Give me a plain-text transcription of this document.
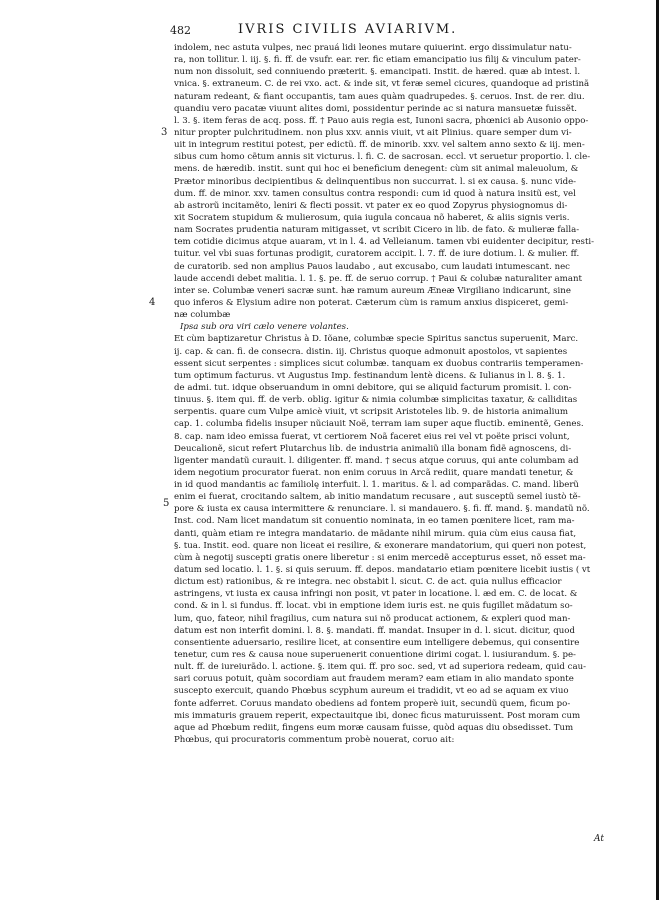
482	IVRIS CIVILIS AVIARIVM.
3
4
5
indolem, nec astuta vulpes, nec prauá lidi leones mutare quiuerint. ergo dissimulatur natu-
ra, non tollitur. l. iij. §. fi. ff. de vsufr. ear. rer. fic etiam emancipatio ius filij & vinculum pater-
num non dissoluit, sed conniuendo præterit. §. emancipati. Instit. de hæred. quæ ab intest. l.
vnica. §. extraneum. C. de rei vxo. act. & inde sit, vt feræ semel cicures, quandoque ad pristinã
naturam redeant, & fiant occupantis, tam aues quàm quadrupedes. §. ceruos. Inst. de rer. diu.
quandiu vero pacatæ viuunt alites domi, possidentur perinde ac si natura mansuetæ fuissẽt.
l. 3. §. item feras de acq. poss. ff. † Pauo auis regia est, Iunoni sacra, phœnici ab Ausonio oppo-
nitur propter pulchritudinem. non plus xxv. annis viuit, vt ait Plinius. quare semper dum vi-
uit in integrum restitui potest, per edictũ. ff. de minorib. xxv. vel saltem anno sexto & iij. men-
sibus cum homo cẽtum annis sit victurus. l. fi. C. de sacrosan. eccl. vt seruetur proportio. l. cle-
mens. de hæredib. instit. sunt qui hoc ei beneficium denegent: cùm sit animal maleuolum, &
Prætor minoribus decipientibus & delinquentibus non succurrat. l. si ex causa. §. nunc vide-
dum. ff. de minor. xxv. tamen consultus contra respondi: cum id quod à natura insitũ est, vel
ab astrorũ incitamẽto, leniri & flecti possit. vt pater ex eo quod Zopyrus physiognomus di-
xit Socratem stupidum & mulierosum, quia iugula concaua nõ haberet, & aliis signis veris.
nam Socrates prudentia naturam mitigasset, vt scribit Cicero in lib. de fato. & mulieræ falla-
tem cotidie dicimus atque auaram, vt in l. 4. ad Velleianum. tamen vbi euidenter decipitur, resti-
tuitur. vel vbi suas fortunas prodigit, curatorem accipit. l. 7. ff. de iure dotium. l. & mulier. ff.
de curatorib. sed non amplius Pauos laudabo , aut excusabo, cum laudati intumescant. nec
laude accendi debet malitia. l. 1. §. pe. ff. de seruo corrup. † Paui & colubæ naturaliter amant
inter se. Columbæ veneri sacræ sunt. hæ ramum aureum Æneæ Virgiliano indicarunt, sine
quo inferos & Elysium adire non poterat. Cæterum cùm is ramum anxius dispiceret, gemi-
næ columbæ
Ipsa sub ora viri cælo venere volantes.
Et cùm baptizaretur Christus à D. Iõane, columbæ specie Spiritus sanctus superuenit, Marc.
ij. cap. & can. fi. de consecra. distin. iij. Christus quoque admonuit apostolos, vt sapientes
essent sicut serpentes : simplices sicut columbæ. tanquam ex duobus contrariis temperamen-
tum optimum facturus. vt Augustus Imp. festinandum lentè dicens. & Iulianus in l. 8. §. 1.
de admi. tut. idque obseruandum in omni debitore, qui se aliquid facturum promisit. l. con-
tinuus. §. item qui. ff. de verb. oblig. igitur & nimia columbæ simplicitas taxatur, & calliditas
serpentis. quare cum Vulpe amicè viuit, vt scripsit Aristoteles lib. 9. de historia animalium
cap. 1. columba fidelis insuper nũciauit Noë, terram iam super aque fluctib. eminentẽ, Genes.
8. cap. nam ideo emissa fuerat, vt certiorem Noã faceret eius rei vel vt poëte prisci volunt,
Deucalionẽ, sicut refert Plutarchus lib. de industria animaliũ illa bonam fidẽ agnoscens, di-
ligenter mandatũ curauit. l. diligenter. ff. mand. † secus atque coruus, qui ante columbam ad
idem negotium procurator fuerat. non enim coruus in Arcã rediit, quare mandati tenetur, &
in id quod mandantis ac familiolę interfuit. l. 1. maritus. & l. ad comparãdas. C. mand. liberũ
enim ei fuerat, crocitando saltem, ab initio mandatum recusare , aut susceptũ semel iustò tẽ-
pore & iusta ex causa intermittere & renunciare. l. si mandauero. §. fi. ff. mand. §. mandatũ nõ.
Inst. cod. Nam licet mandatum sit conuentio nominata, in eo tamen pœnitere licet, ram ma-
danti, quàm etiam re integra mandatario. de mãdante nihil mirum. quia cùm eius causa fiat,
§. tua. Instit. eod. quare non liceat ei resilire, & exonerare mandatorium, qui queri non potest,
cùm à negotij suscepti gratis onere liberetur : si enim mercedẽ accepturus esset, nõ esset ma-
datum sed locatio. l. 1. §. si quis seruum. ff. depos. mandatario etiam pœnitere licebit iustis ( vt
dictum est) rationibus, & re integra. nec obstabit l. sicut. C. de act. quia nullus efficacior
astringens, vt iusta ex causa infringi non posit, vt pater in locatione. l. æd em. C. de locat. &
cond. & in l. si fundus. ff. locat. vbi in emptione idem iuris est. ne quis fugillet mãdatum so-
lum, quo, fateor, nihil fragilius, cum natura sui nõ producat actionem, & expleri quod man-
datum est non interfit domini. l. 8. §. mandati. ff. mandat. Insuper in d. l. sicut. dicitur, quod
consentiente aduersario, resilire licet, at consentire eum intelligere debemus, qui consentire
tenetur, cum res & causa noue superuenerit conuentione dirimi cogat. l. iusiurandum. §. pe-
nult. ff. de iureiurãdo. l. actione. §. item qui. ff. pro soc. sed, vt ad superiora redeam, quid cau-
sari coruus potuit, quàm socordiam aut fraudem meram? eam etiam in alio mandato sponte
suscepto exercuit, quando Phœbus scyphum aureum ei tradidit, vt eo ad se aquam ex viuo
fonte adferret. Coruus mandato obediens ad fontem properè iuit, secundũ quem, ficum po-
mis immaturis grauem reperit, expectauitque ibi, donec ficus maturuissent. Post moram cum
aque ad Phœbum rediit, fingens eum moræ causam fuisse, quòd aquas diu obsedisset. Tum
Phœbus, qui procuratoris commentum probè nouerat, coruo ait:
At
